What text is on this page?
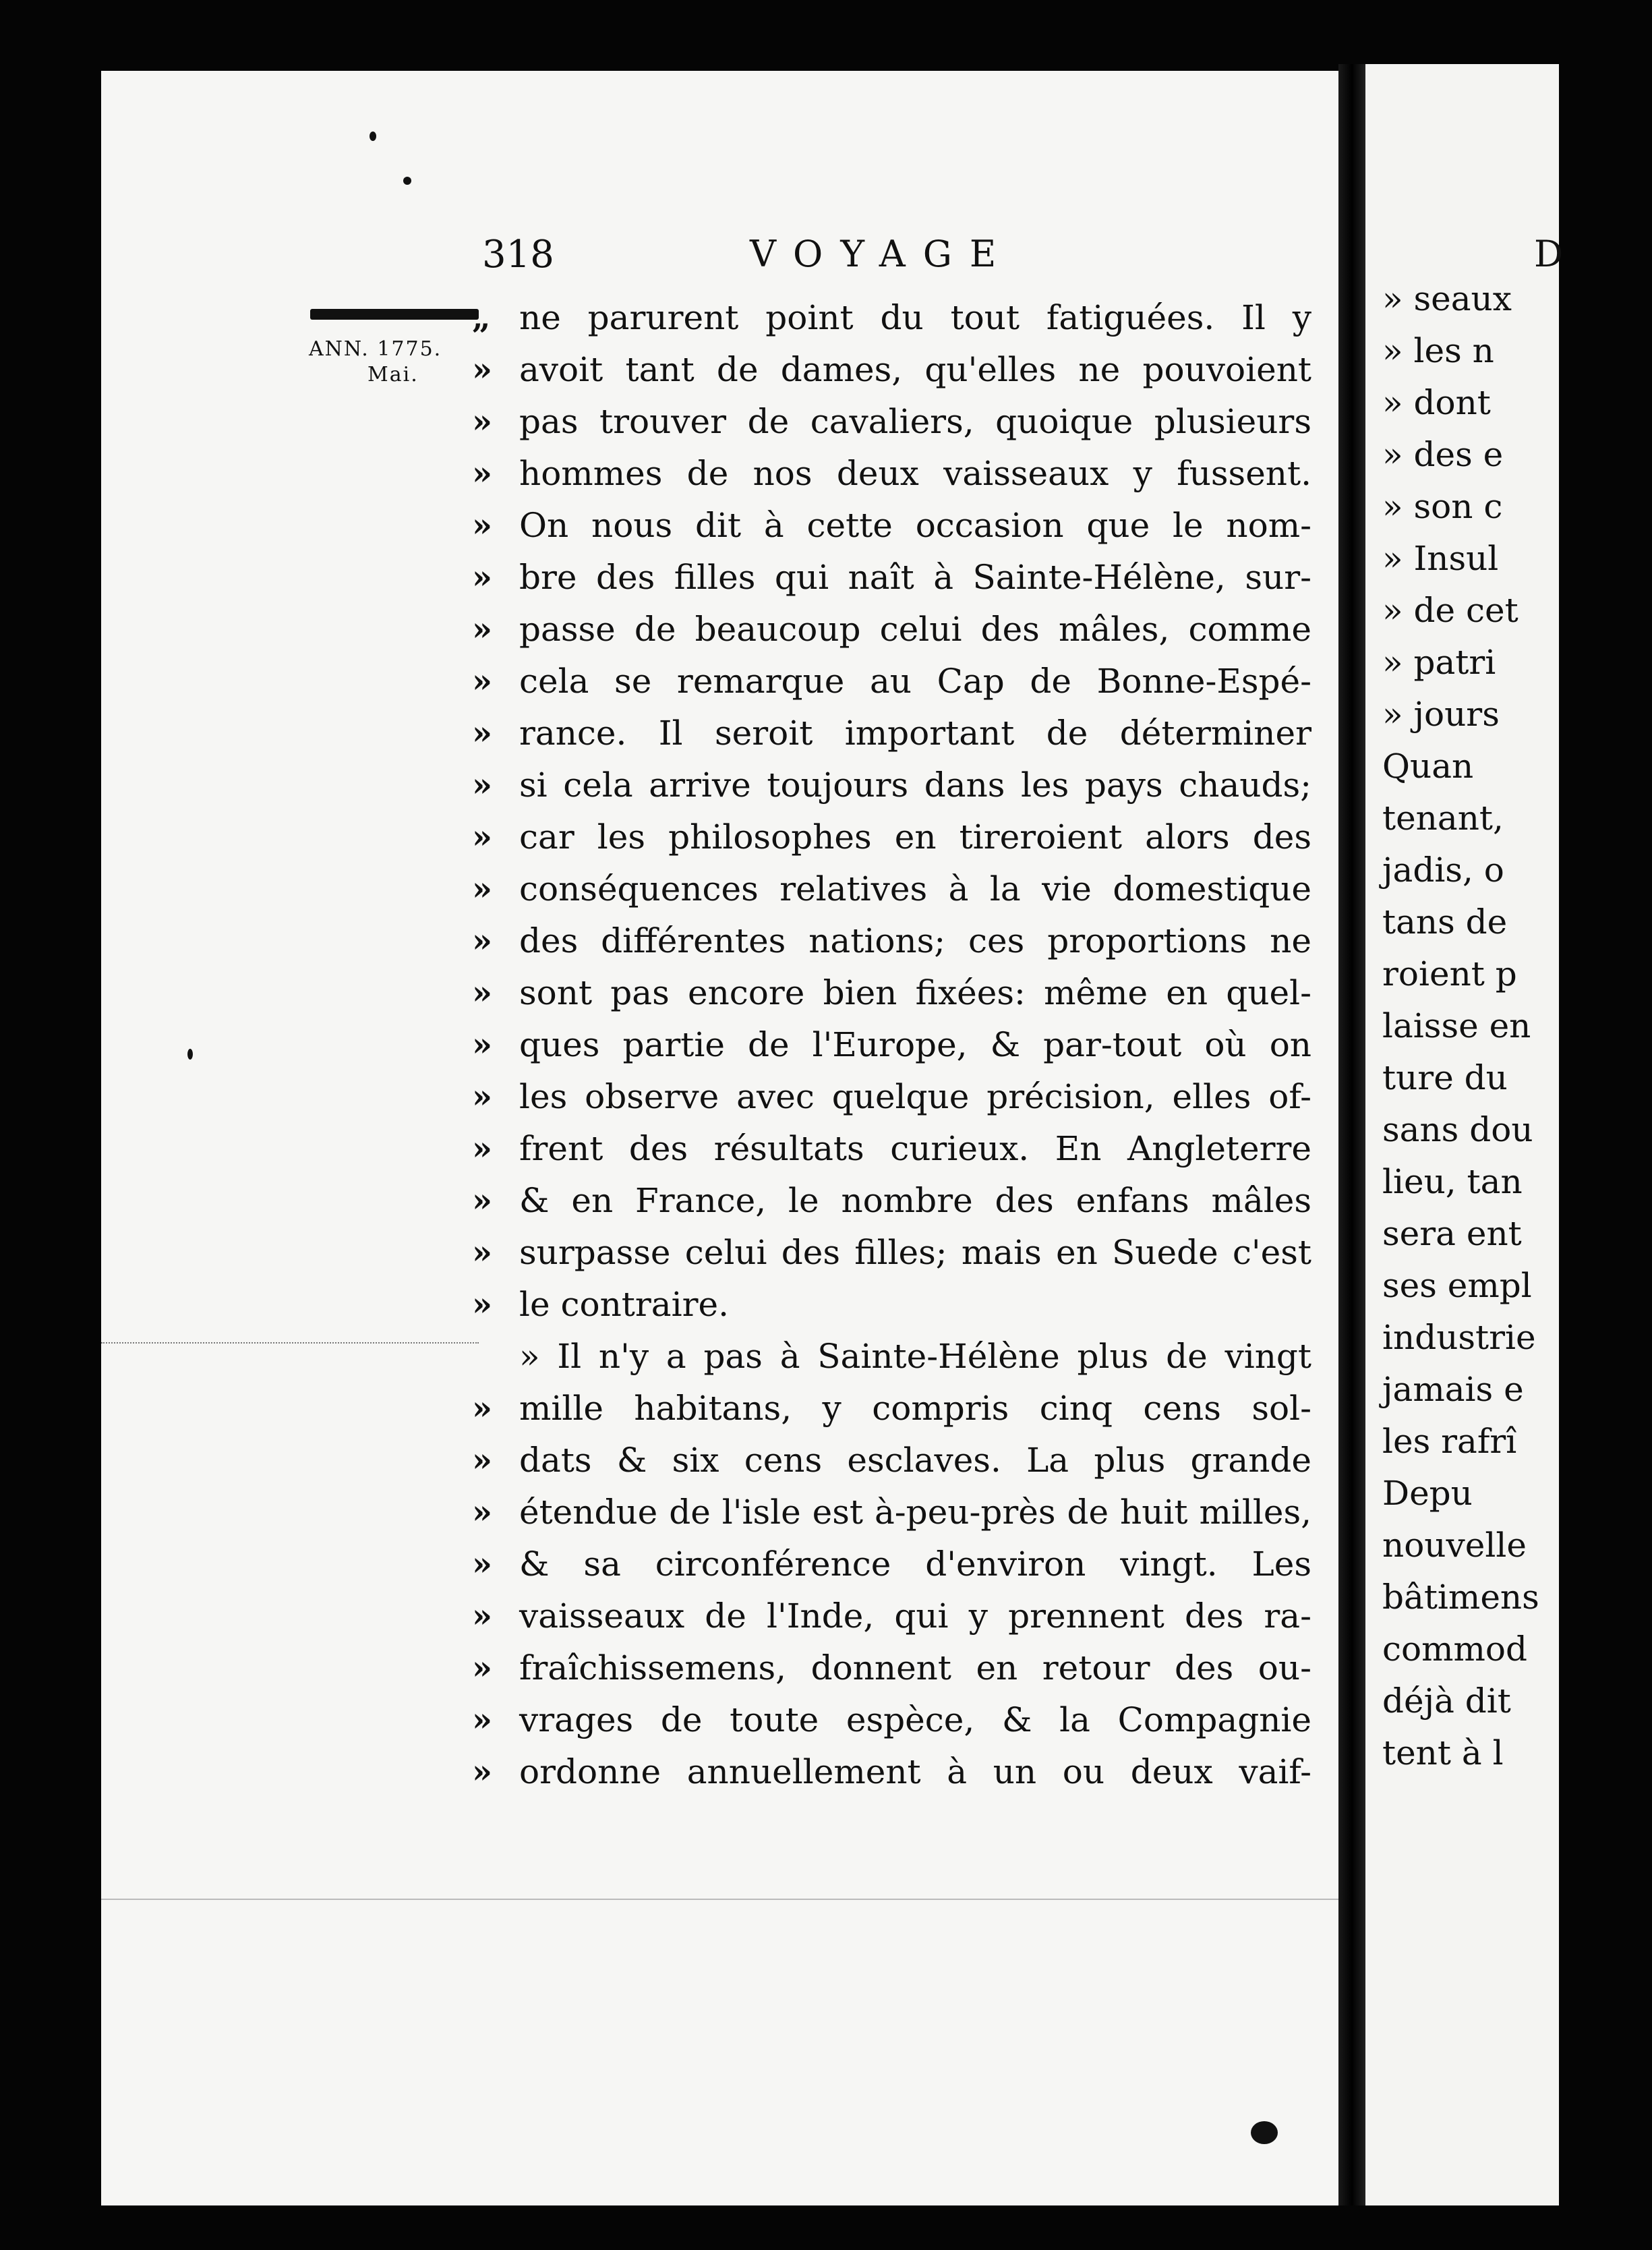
318	VOYAGE	D
ANN. 1775.
Mai.
„ ne parurent point du tout fatiguées. Il y
» avoit tant de dames, qu'elles ne pouvoient
» pas trouver de cavaliers, quoique plusieurs
» hommes de nos deux vaisseaux y fussent.
» On nous dit à cette occasion que le nom-
» bre des filles qui naît à Sainte-Hélène, sur-
» passe de beaucoup celui des mâles, comme
» cela se remarque au Cap de Bonne-Espé-
» rance. Il seroit important de déterminer
» si cela arrive toujours dans les pays chauds;
» car les philosophes en tireroient alors des
» conséquences relatives à la vie domestique
» des différentes nations; ces proportions ne
» sont pas encore bien fixées: même en quel-
» ques partie de l'Europe, & par-tout où on
» les observe avec quelque précision, elles of-
» frent des résultats curieux. En Angleterre
» & en France, le nombre des enfans mâles
» surpasse celui des filles; mais en Suede c'est
» le contraire.
» Il n'y a pas à Sainte-Hélène plus de vingt
» mille habitans, y compris cinq cens sol-
» dats & six cens esclaves. La plus grande
» étendue de l'isle est à-peu-près de huit milles,
» & sa circonférence d'environ vingt. Les
» vaisseaux de l'Inde, qui y prennent des ra-
» fraîchissemens, donnent en retour des ou-
» vrages de toute espèce, & la Compagnie
» ordonne annuellement à un ou deux vaif-
» seaux
» les n
» dont
» des e
» son c
» Insul
» de cet
» patri
» jours
Quan
tenant,
jadis, o
tans de
roient p
laisse en
ture du
sans dou
lieu, tan
sera ent
ses empl
industrie
jamais e
les rafrî
Depu
nouvelle
bâtimens
commod
déjà dit
tent à l
